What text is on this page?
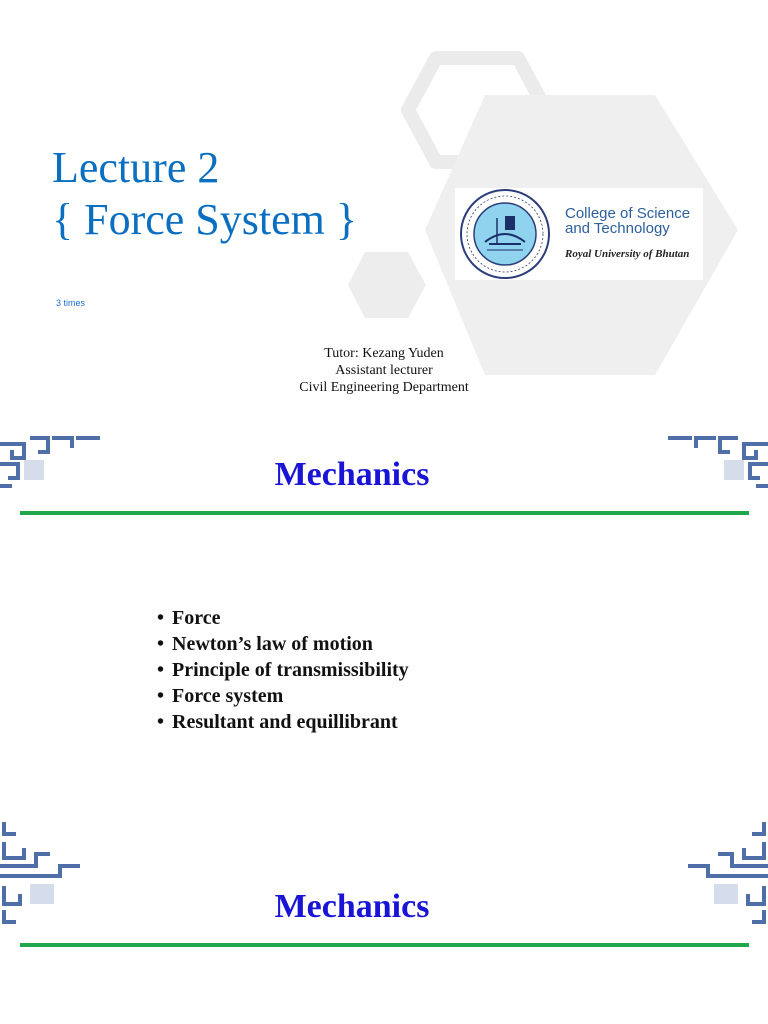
Lecture 2
{ Force System }
3 times
College of Science
and Technology
Royal University of Bhutan
Tutor: Kezang Yuden
Assistant lecturer
Civil Engineering Department
Mechanics
• Force
• Newton’s law of motion
• Principle of transmissibility
• Force system
• Resultant and equillibrant
Mechanics
